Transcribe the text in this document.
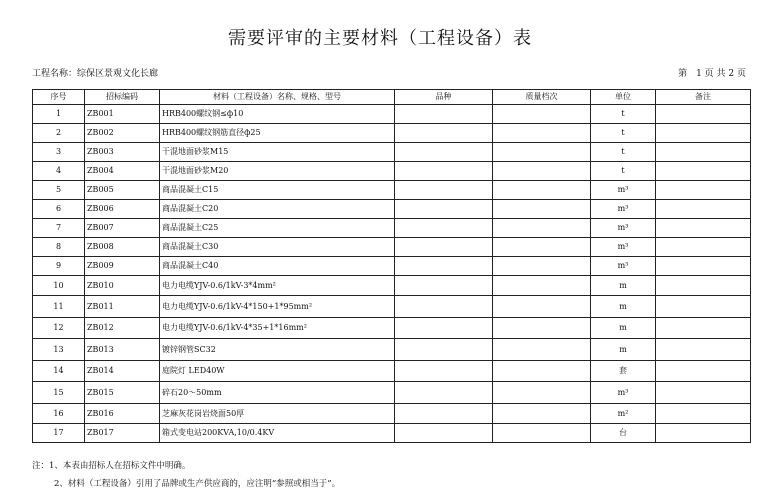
需要评审的主要材料（工程设备）表
工程名称：综保区景观文化长廊	第　1 页 共 2 页
序号	招标编码	材料（工程设备）名称、规格、型号	品种	质量档次	单位	备注
1	ZB001	HRB400螺纹钢≤ф10			t	
2	ZB002	HRB400螺纹钢筋直径ф25			t	
3	ZB003	干混地面砂浆M15			t	
4	ZB004	干混地面砂浆M20			t	
5	ZB005	商品混凝土C15			m³	
6	ZB006	商品混凝土C20			m³	
7	ZB007	商品混凝土C25			m³	
8	ZB008	商品混凝土C30			m³	
9	ZB009	商品混凝土C40			m³	
10	ZB010	电力电缆YJV-0.6/1kV-3*4mm²			m	
11	ZB011	电力电缆YJV-0.6/1kV-4*150+1*95mm²			m	
12	ZB012	电力电缆YJV-0.6/1kV-4*35+1*16mm²			m	
13	ZB013	镀锌钢管SC32			m	
14	ZB014	庭院灯 LED40W			套	
15	ZB015	碎石20～50mm			m³	
16	ZB016	芝麻灰花岗岩烧面50厚			m²	
17	ZB017	箱式变电站200KVA,10/0.4KV			台	
注：1、本表由招标人在招标文件中明确。
2、材料（工程设备）引用了品牌或生产供应商的，应注明“参照或相当于”。
